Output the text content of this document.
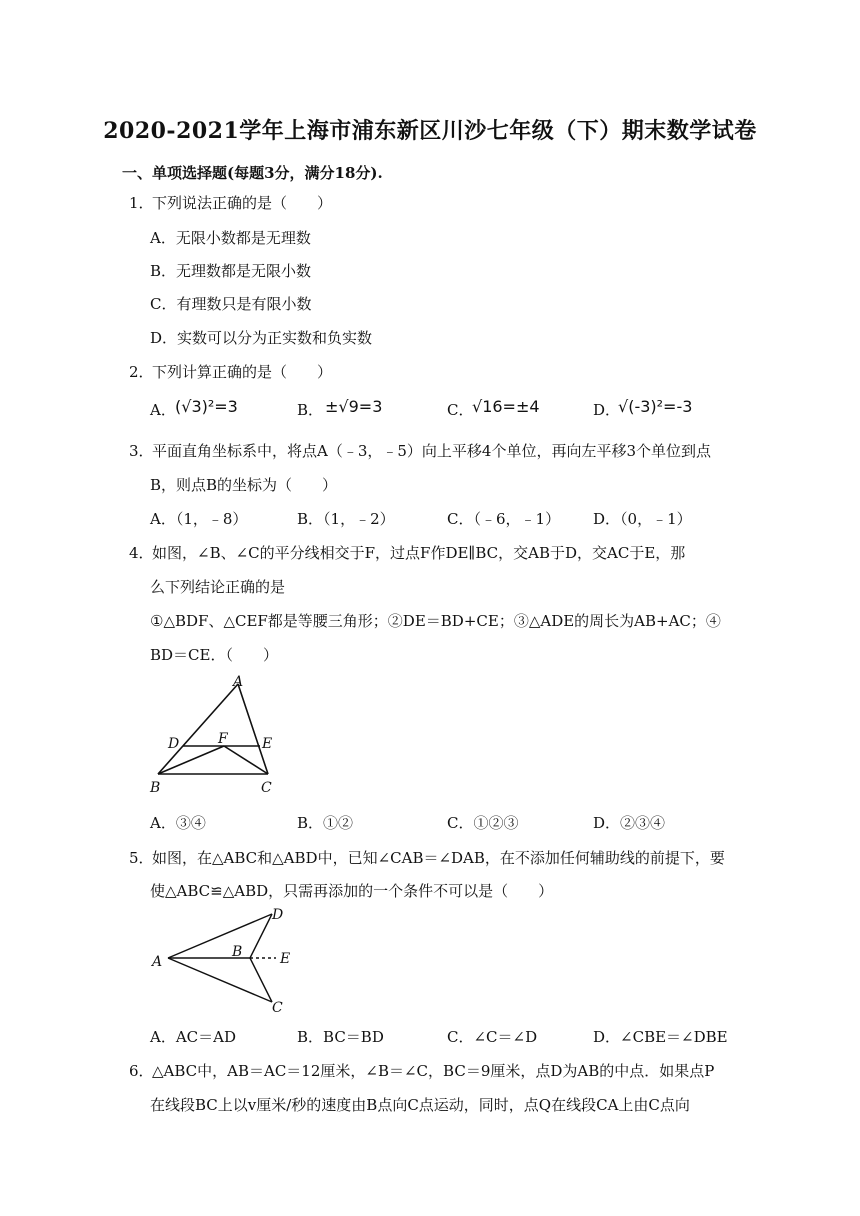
2020-2021学年上海市浦东新区川沙七年级（下）期末数学试卷
一、单项选择题(每题3分，满分18分).
1．
下列说法正确的是（　　）
A．无限小数都是无理数
B．无理数都是无限小数
C．有理数只是有限小数
D．实数可以分为正实数和负实数
2．
下列计算正确的是（　　）
A． (√3)²=3	B． ±√9=3	C．
√16=±4	D．
√(-3)²=-3
3．
平面直角坐标系中，将点A（﹣3，﹣5）向上平移4个单位，再向左平移3个单位到点
B，则点B的坐标为（　　）
A．（1，﹣8）	B．（1，﹣2）	C．（﹣6，﹣1） D．（0，﹣1）
4．
如图，∠B、∠C的平分线相交于F，过点F作DE∥BC，交AB于D，交AC于E，那
么下列结论正确的是
①△BDF、△CEF都是等腰三角形；②DE＝BD+CE；③△ADE的周长为AB+AC；④
BD＝CE．（　　）
A
D	F E
B	C
A．③④	B．①②	C．①②③	D．②③④
5．
如图，在△ABC和△ABD中，已知∠CAB＝∠DAB，在不添加任何辅助线的前提下，要
使△ABC≌△ABD，只需再添加的一个条件不可以是（　　）
A
B
D
E
C
A．AC＝AD	B．BC＝BD	C．∠C＝∠D	D．∠CBE＝∠DBE
6．
△ABC中，AB＝AC＝12厘米，∠B＝∠C，BC＝9厘米，点D为AB的中点．如果点P
在线段BC上以v厘米/秒的速度由B点向C点运动，同时，点Q在线段CA上由C点向
